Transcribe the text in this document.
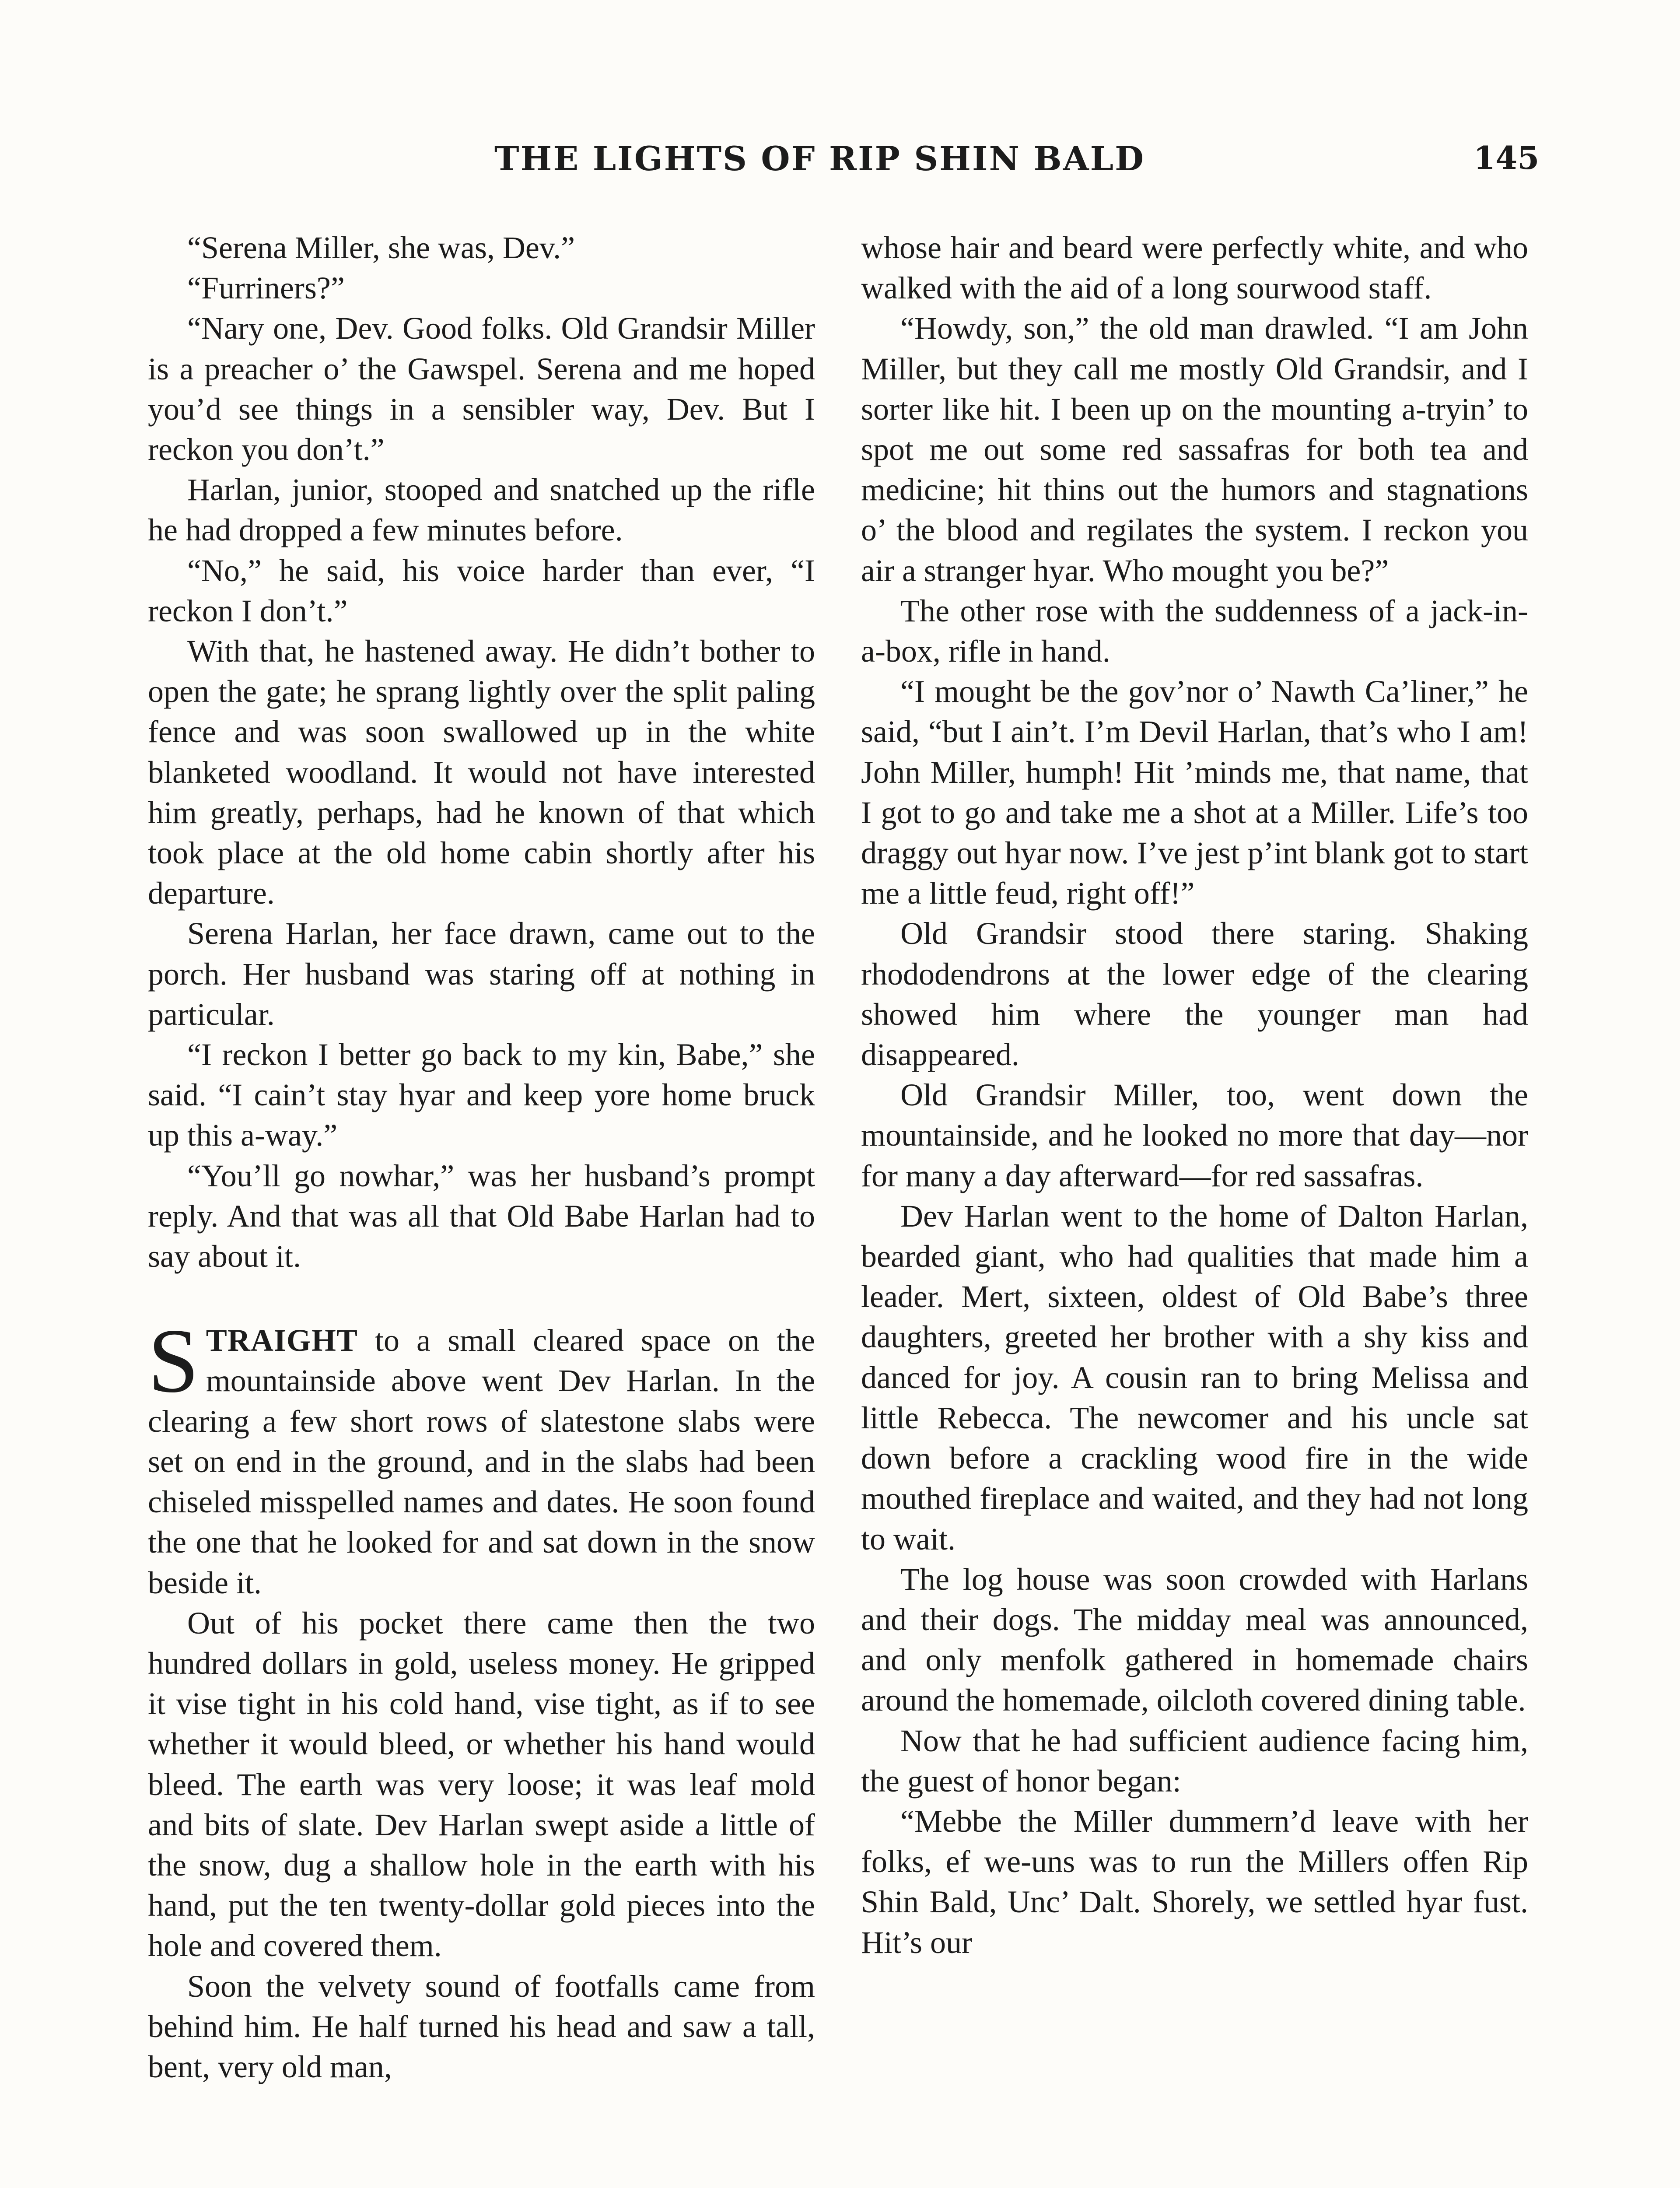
THE LIGHTS OF RIP SHIN BALD	145

“Serena Miller, she was, Dev.”

“Furriners?”

“Nary one, Dev. Good folks. Old Grandsir Miller is a preacher o’ the Gawspel. Serena and me hoped you’d see things in a sensibler way, Dev. But I reckon you don’t.”

Harlan, junior, stooped and snatched up the rifle he had dropped a few minutes before.

“No,” he said, his voice harder than ever, “I reckon I don’t.”

With that, he hastened away. He didn’t bother to open the gate; he sprang lightly over the split paling fence and was soon swallowed up in the white blanketed woodland. It would not have interested him greatly, perhaps, had he known of that which took place at the old home cabin shortly after his departure.

Serena Harlan, her face drawn, came out to the porch. Her husband was staring off at nothing in particular.

“I reckon I better go back to my kin, Babe,” she said. “I cain’t stay hyar and keep yore home bruck up this a-way.”

“You’ll go nowhar,” was her husband’s prompt reply. And that was all that Old Babe Harlan had to say about it.

STRAIGHT to a small cleared space on the mountainside above went Dev Harlan. In the clearing a few short rows of slatestone slabs were set on end in the ground, and in the slabs had been chiseled misspelled names and dates. He soon found the one that he looked for and sat down in the snow beside it.

Out of his pocket there came then the two hundred dollars in gold, useless money. He gripped it vise tight in his cold hand, vise tight, as if to see whether it would bleed, or whether his hand would bleed. The earth was very loose; it was leaf mold and bits of slate. Dev Harlan swept aside a little of the snow, dug a shallow hole in the earth with his hand, put the ten twenty-dollar gold pieces into the hole and covered them.

Soon the velvety sound of footfalls came from behind him. He half turned his head and saw a tall, bent, very old man,

whose hair and beard were perfectly white, and who walked with the aid of a long sourwood staff.

“Howdy, son,” the old man drawled. “I am John Miller, but they call me mostly Old Grandsir, and I sorter like hit. I been up on the mounting a-tryin’ to spot me out some red sassafras for both tea and medicine; hit thins out the humors and stagnations o’ the blood and regilates the system. I reckon you air a stranger hyar. Who mought you be?”

The other rose with the suddenness of a jack-in-a-box, rifle in hand.

“I mought be the gov’nor o’ Nawth Ca’liner,” he said, “but I ain’t. I’m Devil Harlan, that’s who I am! John Miller, humph! Hit ’minds me, that name, that I got to go and take me a shot at a Miller. Life’s too draggy out hyar now. I’ve jest p’int blank got to start me a little feud, right off!”

Old Grandsir stood there staring. Shaking rhododendrons at the lower edge of the clearing showed him where the younger man had disappeared.

Old Grandsir Miller, too, went down the mountainside, and he looked no more that day—nor for many a day afterward—for red sassafras.

Dev Harlan went to the home of Dalton Harlan, bearded giant, who had qualities that made him a leader. Mert, sixteen, oldest of Old Babe’s three daughters, greeted her brother with a shy kiss and danced for joy. A cousin ran to bring Melissa and little Rebecca. The newcomer and his uncle sat down before a crackling wood fire in the wide mouthed fireplace and waited, and they had not long to wait.

The log house was soon crowded with Harlans and their dogs. The midday meal was announced, and only menfolk gathered in homemade chairs around the homemade, oilcloth covered dining table.

Now that he had sufficient audience facing him, the guest of honor began:

“Mebbe the Miller dummern’d leave with her folks, ef we-uns was to run the Millers offen Rip Shin Bald, Unc’ Dalt. Shorely, we settled hyar fust. Hit’s our
